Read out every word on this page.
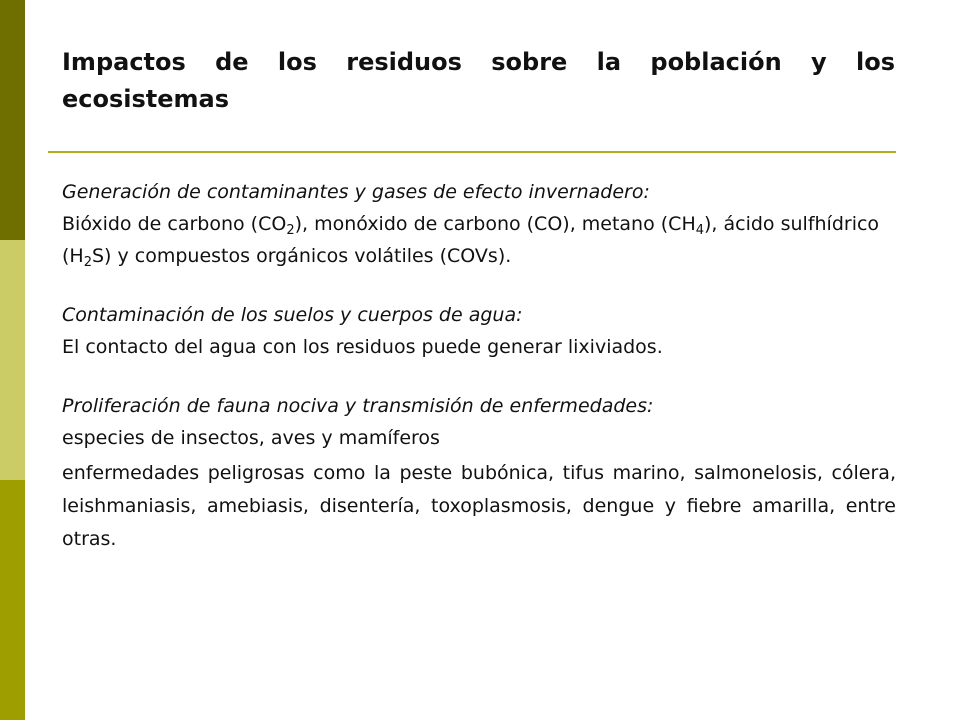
Impactos de los residuos sobre la población y los ecosistemas

Generación de contaminantes y gases de efecto invernadero:

Bióxido de carbono $(CO_2)$, monóxido de carbono (CO), metano $(CH_4)$, ácido sulfhídrico $(H_2S)$ y compuestos orgánicos volátiles (COVs).

Contaminación de los suelos y cuerpos de agua:

El contacto del agua con los residuos puede generar lixiviados.

Proliferación de fauna nociva y transmisión de enfermedades:

especies de insectos, aves y mamíferos

enfermedades peligrosas como la peste bubónica, tifus marino, salmonelosis, cólera, leishmaniasis, amebiasis, disentería, toxoplasmosis, dengue y fiebre amarilla, entre otras.
